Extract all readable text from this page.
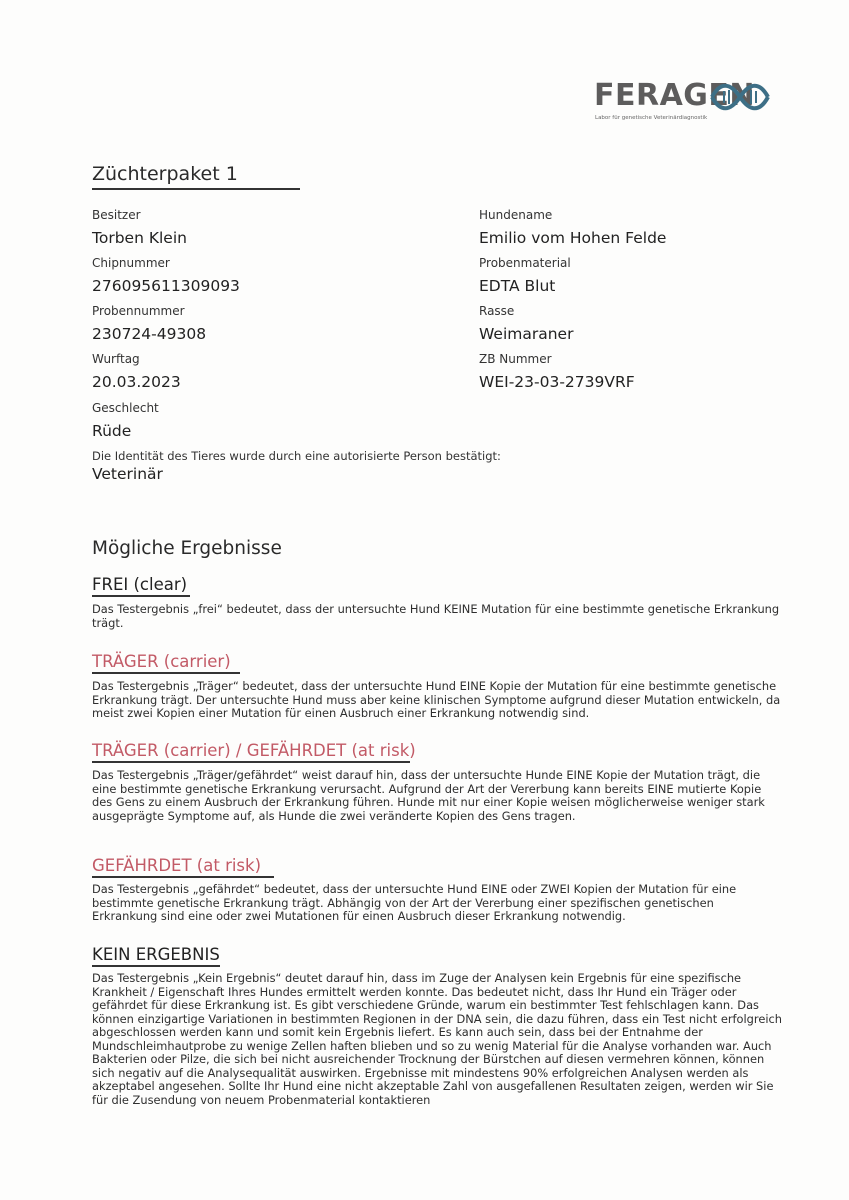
FERAGEN
Labor für genetische Veterinärdiagnostik
Züchterpaket 1
Besitzer
Torben Klein
Chipnummer
276095611309093
Probennummer
230724-49308
Wurftag
20.03.2023
Geschlecht
Rüde
Hundename
Emilio vom Hohen Felde
Probenmaterial
EDTA Blut
Rasse
Weimaraner
ZB Nummer
WEI-23-03-2739VRF
Die Identität des Tieres wurde durch eine autorisierte Person bestätigt:
Veterinär
Mögliche Ergebnisse
FREI (clear)

Das Testergebnis „frei“ bedeutet, dass der untersuchte Hund KEINE Mutation für eine bestimmte genetische Erkrankung trägt.

TRÄGER (carrier)

Das Testergebnis „Träger“ bedeutet, dass der untersuchte Hund EINE Kopie der Mutation für eine bestimmte genetische Erkrankung trägt. Der untersuchte Hund muss aber keine klinischen Symptome aufgrund dieser Mutation entwickeln, da meist zwei Kopien einer Mutation für einen Ausbruch einer Erkrankung notwendig sind.

TRÄGER (carrier) / GEFÄHRDET (at risk)

Das Testergebnis „Träger/gefährdet“ weist darauf hin, dass der untersuchte Hunde EINE Kopie der Mutation trägt, die eine bestimmte genetische Erkrankung verursacht. Aufgrund der Art der Vererbung kann bereits EINE mutierte Kopie des Gens zu einem Ausbruch der Erkrankung führen. Hunde mit nur einer Kopie weisen möglicherweise weniger stark ausgeprägte Symptome auf, als Hunde die zwei veränderte Kopien des Gens tragen.

GEFÄHRDET (at risk)

Das Testergebnis „gefährdet“ bedeutet, dass der untersuchte Hund EINE oder ZWEI Kopien der Mutation für eine bestimmte genetische Erkrankung trägt. Abhängig von der Art der Vererbung einer spezifischen genetischen Erkrankung sind eine oder zwei Mutationen für einen Ausbruch dieser Erkrankung notwendig.

KEIN ERGEBNIS

Das Testergebnis „Kein Ergebnis“ deutet darauf hin, dass im Zuge der Analysen kein Ergebnis für eine spezifische Krankheit / Eigenschaft Ihres Hundes ermittelt werden konnte. Das bedeutet nicht, dass Ihr Hund ein Träger oder gefährdet für diese Erkrankung ist. Es gibt verschiedene Gründe, warum ein bestimmter Test fehlschlagen kann. Das können einzigartige Variationen in bestimmten Regionen in der DNA sein, die dazu führen, dass ein Test nicht erfolgreich abgeschlossen werden kann und somit kein Ergebnis liefert. Es kann auch sein, dass bei der Entnahme der Mundschleimhautprobe zu wenige Zellen haften blieben und so zu wenig Material für die Analyse vorhanden war. Auch Bakterien oder Pilze, die sich bei nicht ausreichender Trocknung der Bürstchen auf diesen vermehren können, können sich negativ auf die Analysequalität auswirken. Ergebnisse mit mindestens 90% erfolgreichen Analysen werden als akzeptabel angesehen. Sollte Ihr Hund eine nicht akzeptable Zahl von ausgefallenen Resultaten zeigen, werden wir Sie für die Zusendung von neuem Probenmaterial kontaktieren
